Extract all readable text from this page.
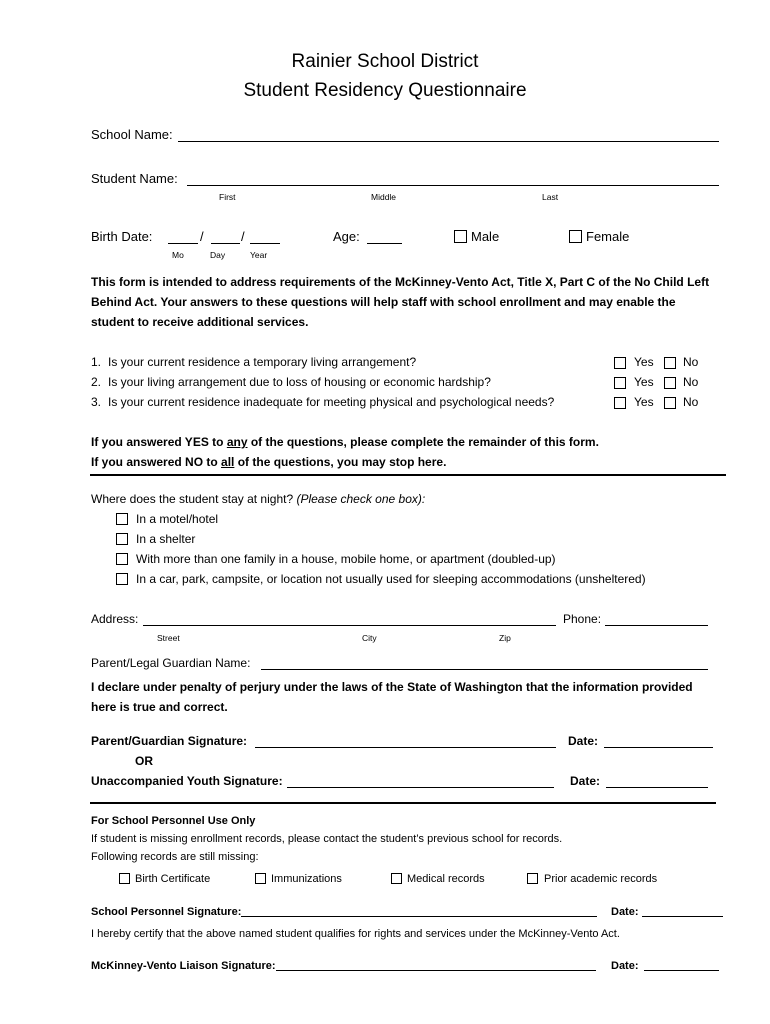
Rainier School District
Student Residency Questionnaire
School Name:
Student Name:
First	Middle	Last
Birth Date:	/	/
Mo	Day	Year
Age:	Male	Female
This form is intended to address requirements of the McKinney-Vento Act, Title X, Part C of the No Child Left
Behind Act. Your answers to these questions will help staff with school enrollment and may enable the
student to receive additional services.
1. Is your current residence a temporary living arrangement?	Yes No
2. Is your living arrangement due to loss of housing or economic hardship?	Yes No
3. Is your current residence inadequate for meeting physical and psychological needs?	Yes No
If you answered YES to any of the questions, please complete the remainder of this form.
If you answered NO to all of the questions, you may stop here.
Where does the student stay at night? (Please check one box):
In a motel/hotel
In a shelter
With more than one family in a house, mobile home, or apartment (doubled-up)
In a car, park, campsite, or location not usually used for sleeping accommodations (unsheltered)
Address:	Phone:
Street	City	Zip
Parent/Legal Guardian Name:
I declare under penalty of perjury under the laws of the State of Washington that the information provided
here is true and correct.
Parent/Guardian Signature:	Date:
OR
Unaccompanied Youth Signature:	Date:
For School Personnel Use Only
If student is missing enrollment records, please contact the student’s previous school for records.
Following records are still missing:
Birth Certificate	Immunizations	Medical records	Prior academic records
School Personnel Signature:	Date:
I hereby certify that the above named student qualifies for rights and services under the McKinney-Vento Act.
McKinney-Vento Liaison Signature:	Date:
